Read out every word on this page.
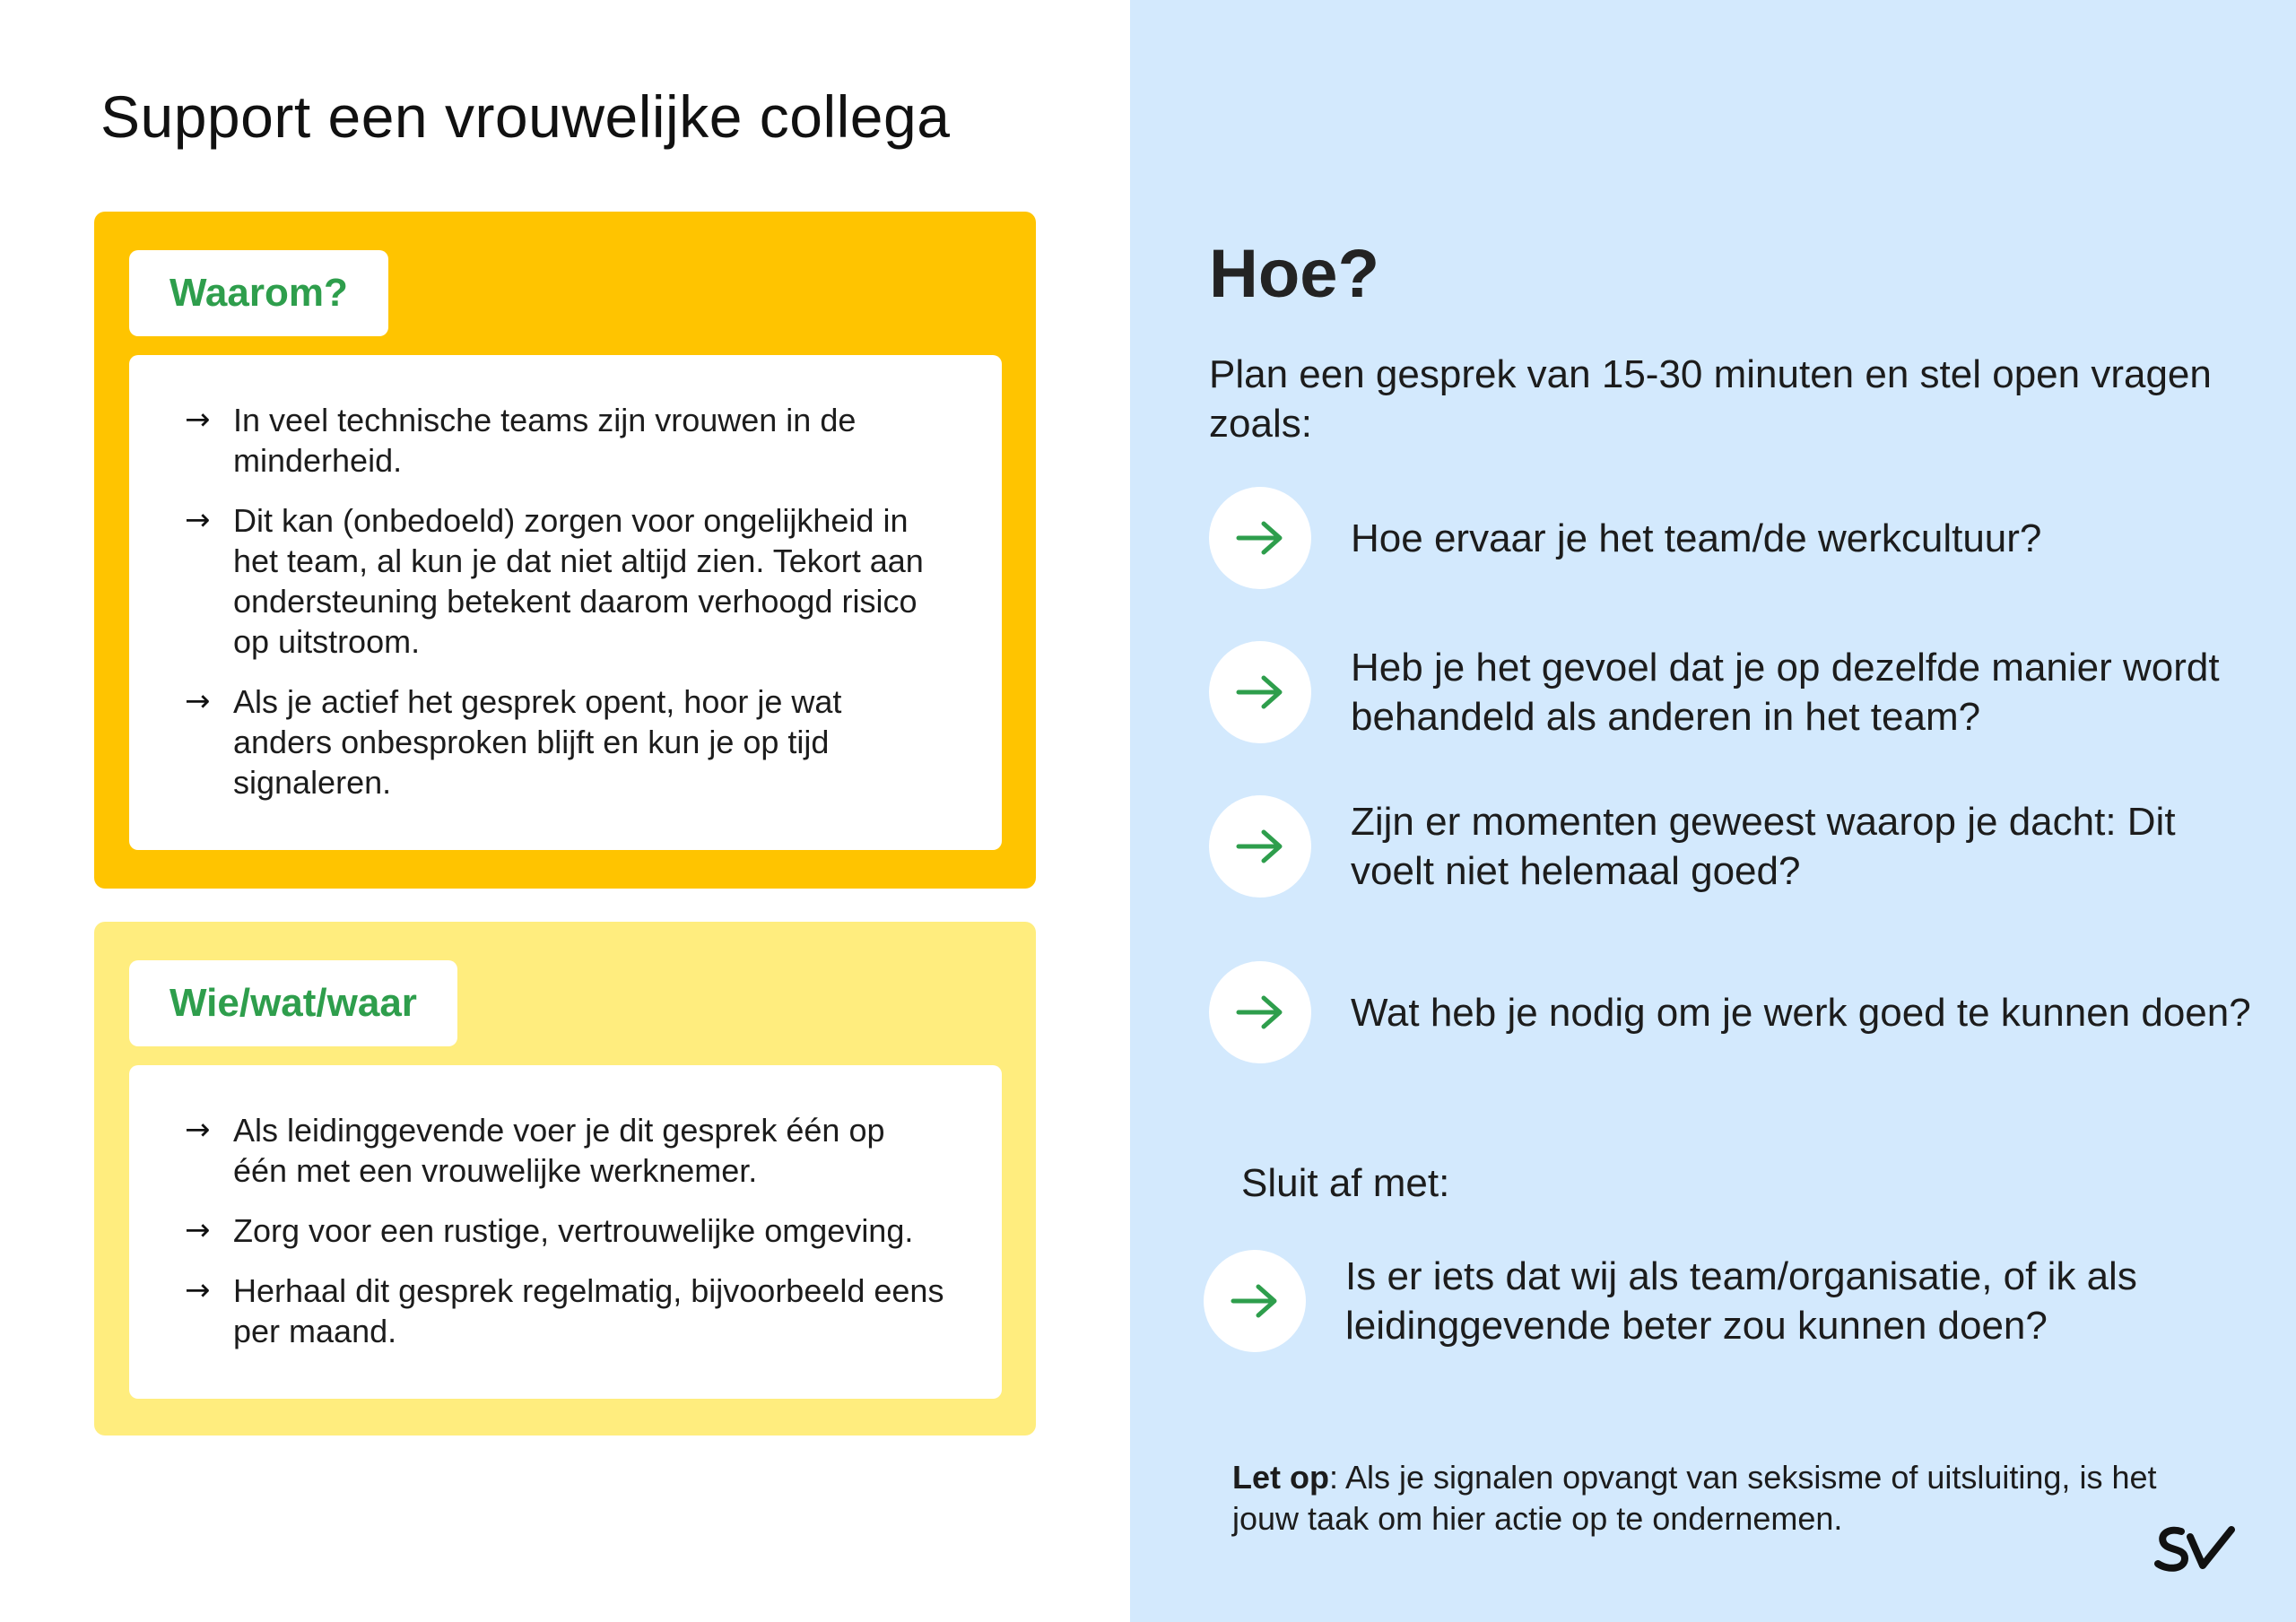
Support een vrouwelijke collega
Waarom?
→ In veel technische teams zijn vrouwen in de minderheid.
→ Dit kan (onbedoeld) zorgen voor ongelijkheid in het team, al kun je dat niet altijd zien. Tekort aan ondersteuning betekent daarom verhoogd risico op uitstroom.
→ Als je actief het gesprek opent, hoor je wat anders onbesproken blijft en kun je op tijd signaleren.
Wie/wat/waar
→ Als leidinggevende voer je dit gesprek één op één met een vrouwelijke werknemer.
→ Zorg voor een rustige, vertrouwelijke omgeving.
→ Herhaal dit gesprek regelmatig, bijvoorbeeld eens per maand.
Hoe?

Plan een gesprek van 15-30 minuten en stel open vragen zoals:

Hoe ervaar je het team/de werkcultuur?
Heb je het gevoel dat je op dezelfde manier wordt behandeld als anderen in het team?
Zijn er momenten geweest waarop je dacht: Dit voelt niet helemaal goed?
Wat heb je nodig om je werk goed te kunnen doen?
Sluit af met:
Is er iets dat wij als team/organisatie, of ik als leidinggevende beter zou kunnen doen?

Let op: Als je signalen opvangt van seksisme of uitsluiting, is het jouw taak om hier actie op te ondernemen.
